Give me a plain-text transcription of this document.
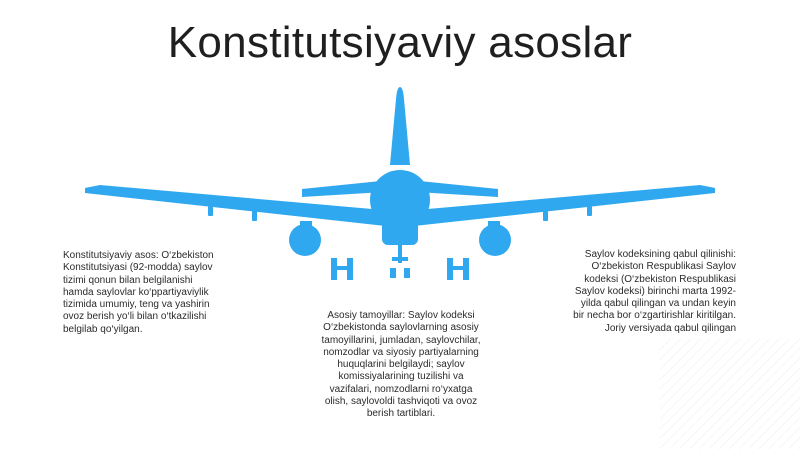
Konstitutsiyaviy asoslar
Konstitutsiyaviy asos: O‘zbekiston
Konstitutsiyasi (92-modda) saylov
tizimi qonun bilan belgilanishi
hamda saylovlar ko‘ppartiyaviylik
tizimida umumiy, teng va yashirin
ovoz berish yo‘li bilan o‘tkazilishi
belgilab qo‘yilgan.
Asosiy tamoyillar: Saylov kodeksi
O‘zbekistonda saylovlarning asosiy
tamoyillarini, jumladan, saylovchilar,
nomzodlar va siyosiy partiyalarning
huquqlarini belgilaydi; saylov
komissiyalarining tuzilishi va
vazifalari, nomzodlarni ro‘yxatga
olish, saylovoldi tashviqoti va ovoz
berish tartiblari.
Saylov kodeksining qabul qilinishi:
O‘zbekiston Respublikasi Saylov
kodeksi (O‘zbekiston Respublikasi
Saylov kodeksi) birinchi marta 1992-
yilda qabul qilingan va undan keyin
bir necha bor o‘zgartirishlar kiritilgan.
Joriy versiyada qabul qilingan
